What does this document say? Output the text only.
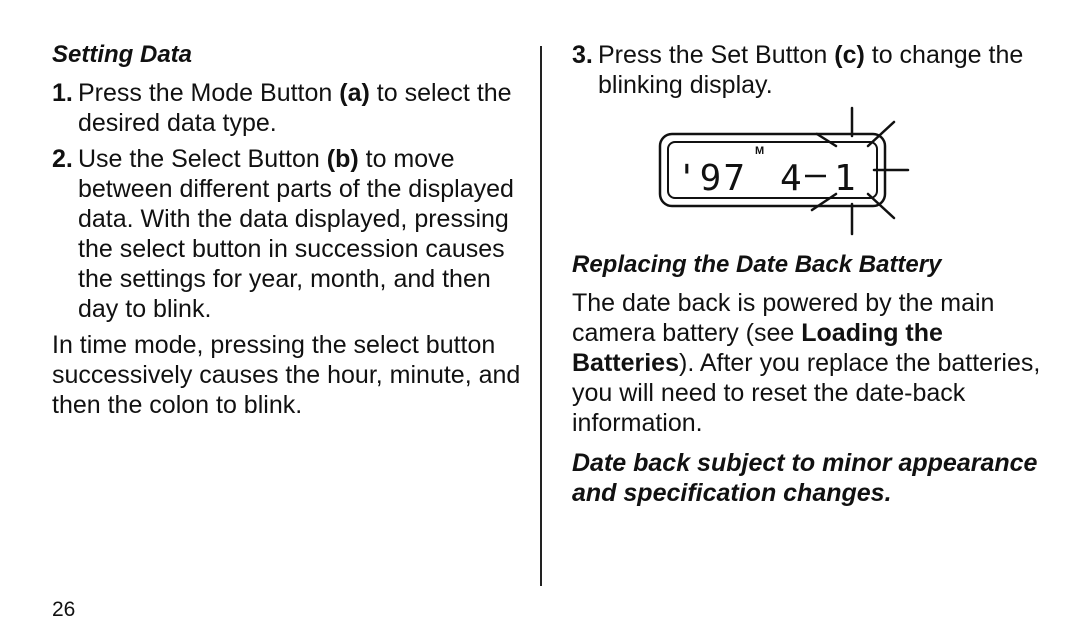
Setting Data
1. Press the Mode Button (a) to select the desired data type.
2. Use the Select Button (b) to move between different parts of the displayed data. With the data displayed, pressing the select button in succession causes the settings for year, month, and then day to blink.

In time mode, pressing the select button successively causes the hour, minute, and then the colon to blink.

3. Press the Set Button (c) to change the blinking display.
M
'97 4 1
Replacing the Date Back Battery

The date back is powered by the main camera battery (see Loading the Batteries). After you replace the batteries, you will need to reset the date-back information.

Date back subject to minor appearance and specification changes.

26
